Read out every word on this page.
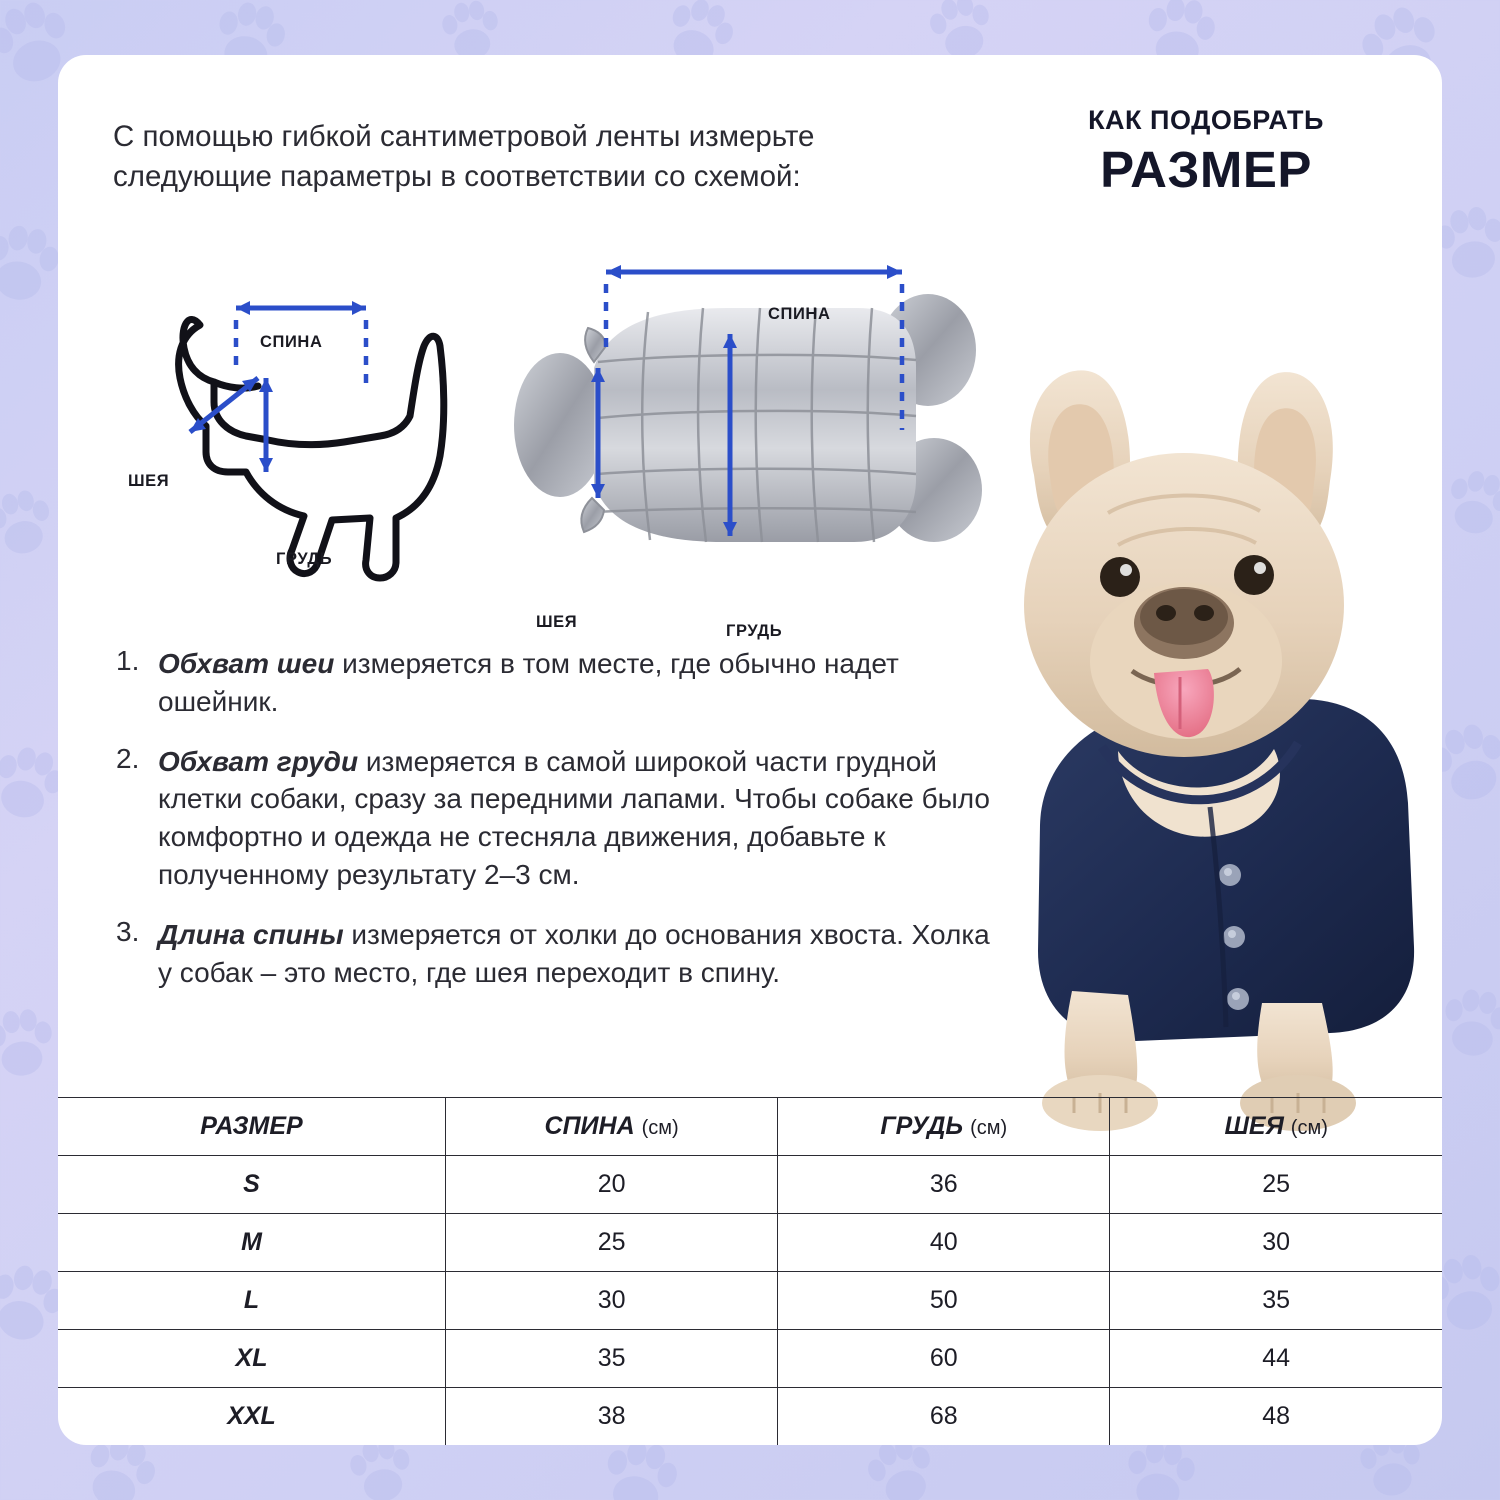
С помощью гибкой сантиметровой ленты измерьте следующие параметры в соответствии со схемой:

КАК ПОДОБРАТЬ
РАЗМЕР
СПИНА
ШЕЯ
ГРУДЬ
СПИНА
ШЕЯ	ГРУДЬ
1. Обхват шеи измеряется в том месте, где обычно надет ошейник.
2. Обхват груди измеряется в самой широкой части грудной клетки собаки, сразу за передними лапами. Чтобы собаке было комфортно и одежда не стесняла движения, добавьте к полученному результату 2–3 см.
3. Длина спины измеряется от холки до основания хвоста. Холка у собак – это место, где шея переходит в спину.
РАЗМЕР	СПИНА (см)	ГРУДЬ (см)	ШЕЯ (см)
S	20	36	25
M	25	40	30
L	30	50	35
XL	35	60	44
XXL	38	68	48
